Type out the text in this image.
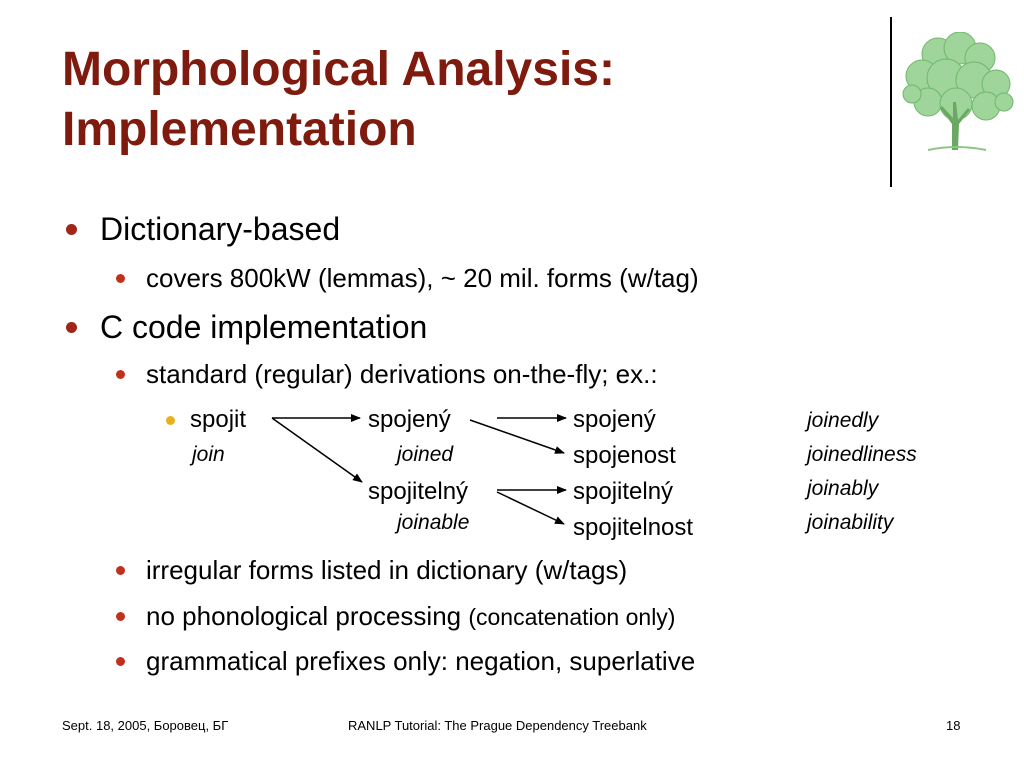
Morphological Analysis:
Implementation
Dictionary-based
covers 800kW (lemmas), ~ 20 mil. forms (w/tag)
C code implementation
standard (regular) derivations on-the-fly; ex.:
spojit
join
spojený
joined
spojitelný
joinable
spojený
spojenost
spojitelný
spojitelnost
joinedly
joinedliness
joinably
joinability
irregular forms listed in dictionary (w/tags)
no phonological processing (concatenation only)
grammatical prefixes only: negation, superlative
Sept. 18, 2005, Боровец, БГ	RANLP Tutorial: The Prague Dependency Treebank	18
